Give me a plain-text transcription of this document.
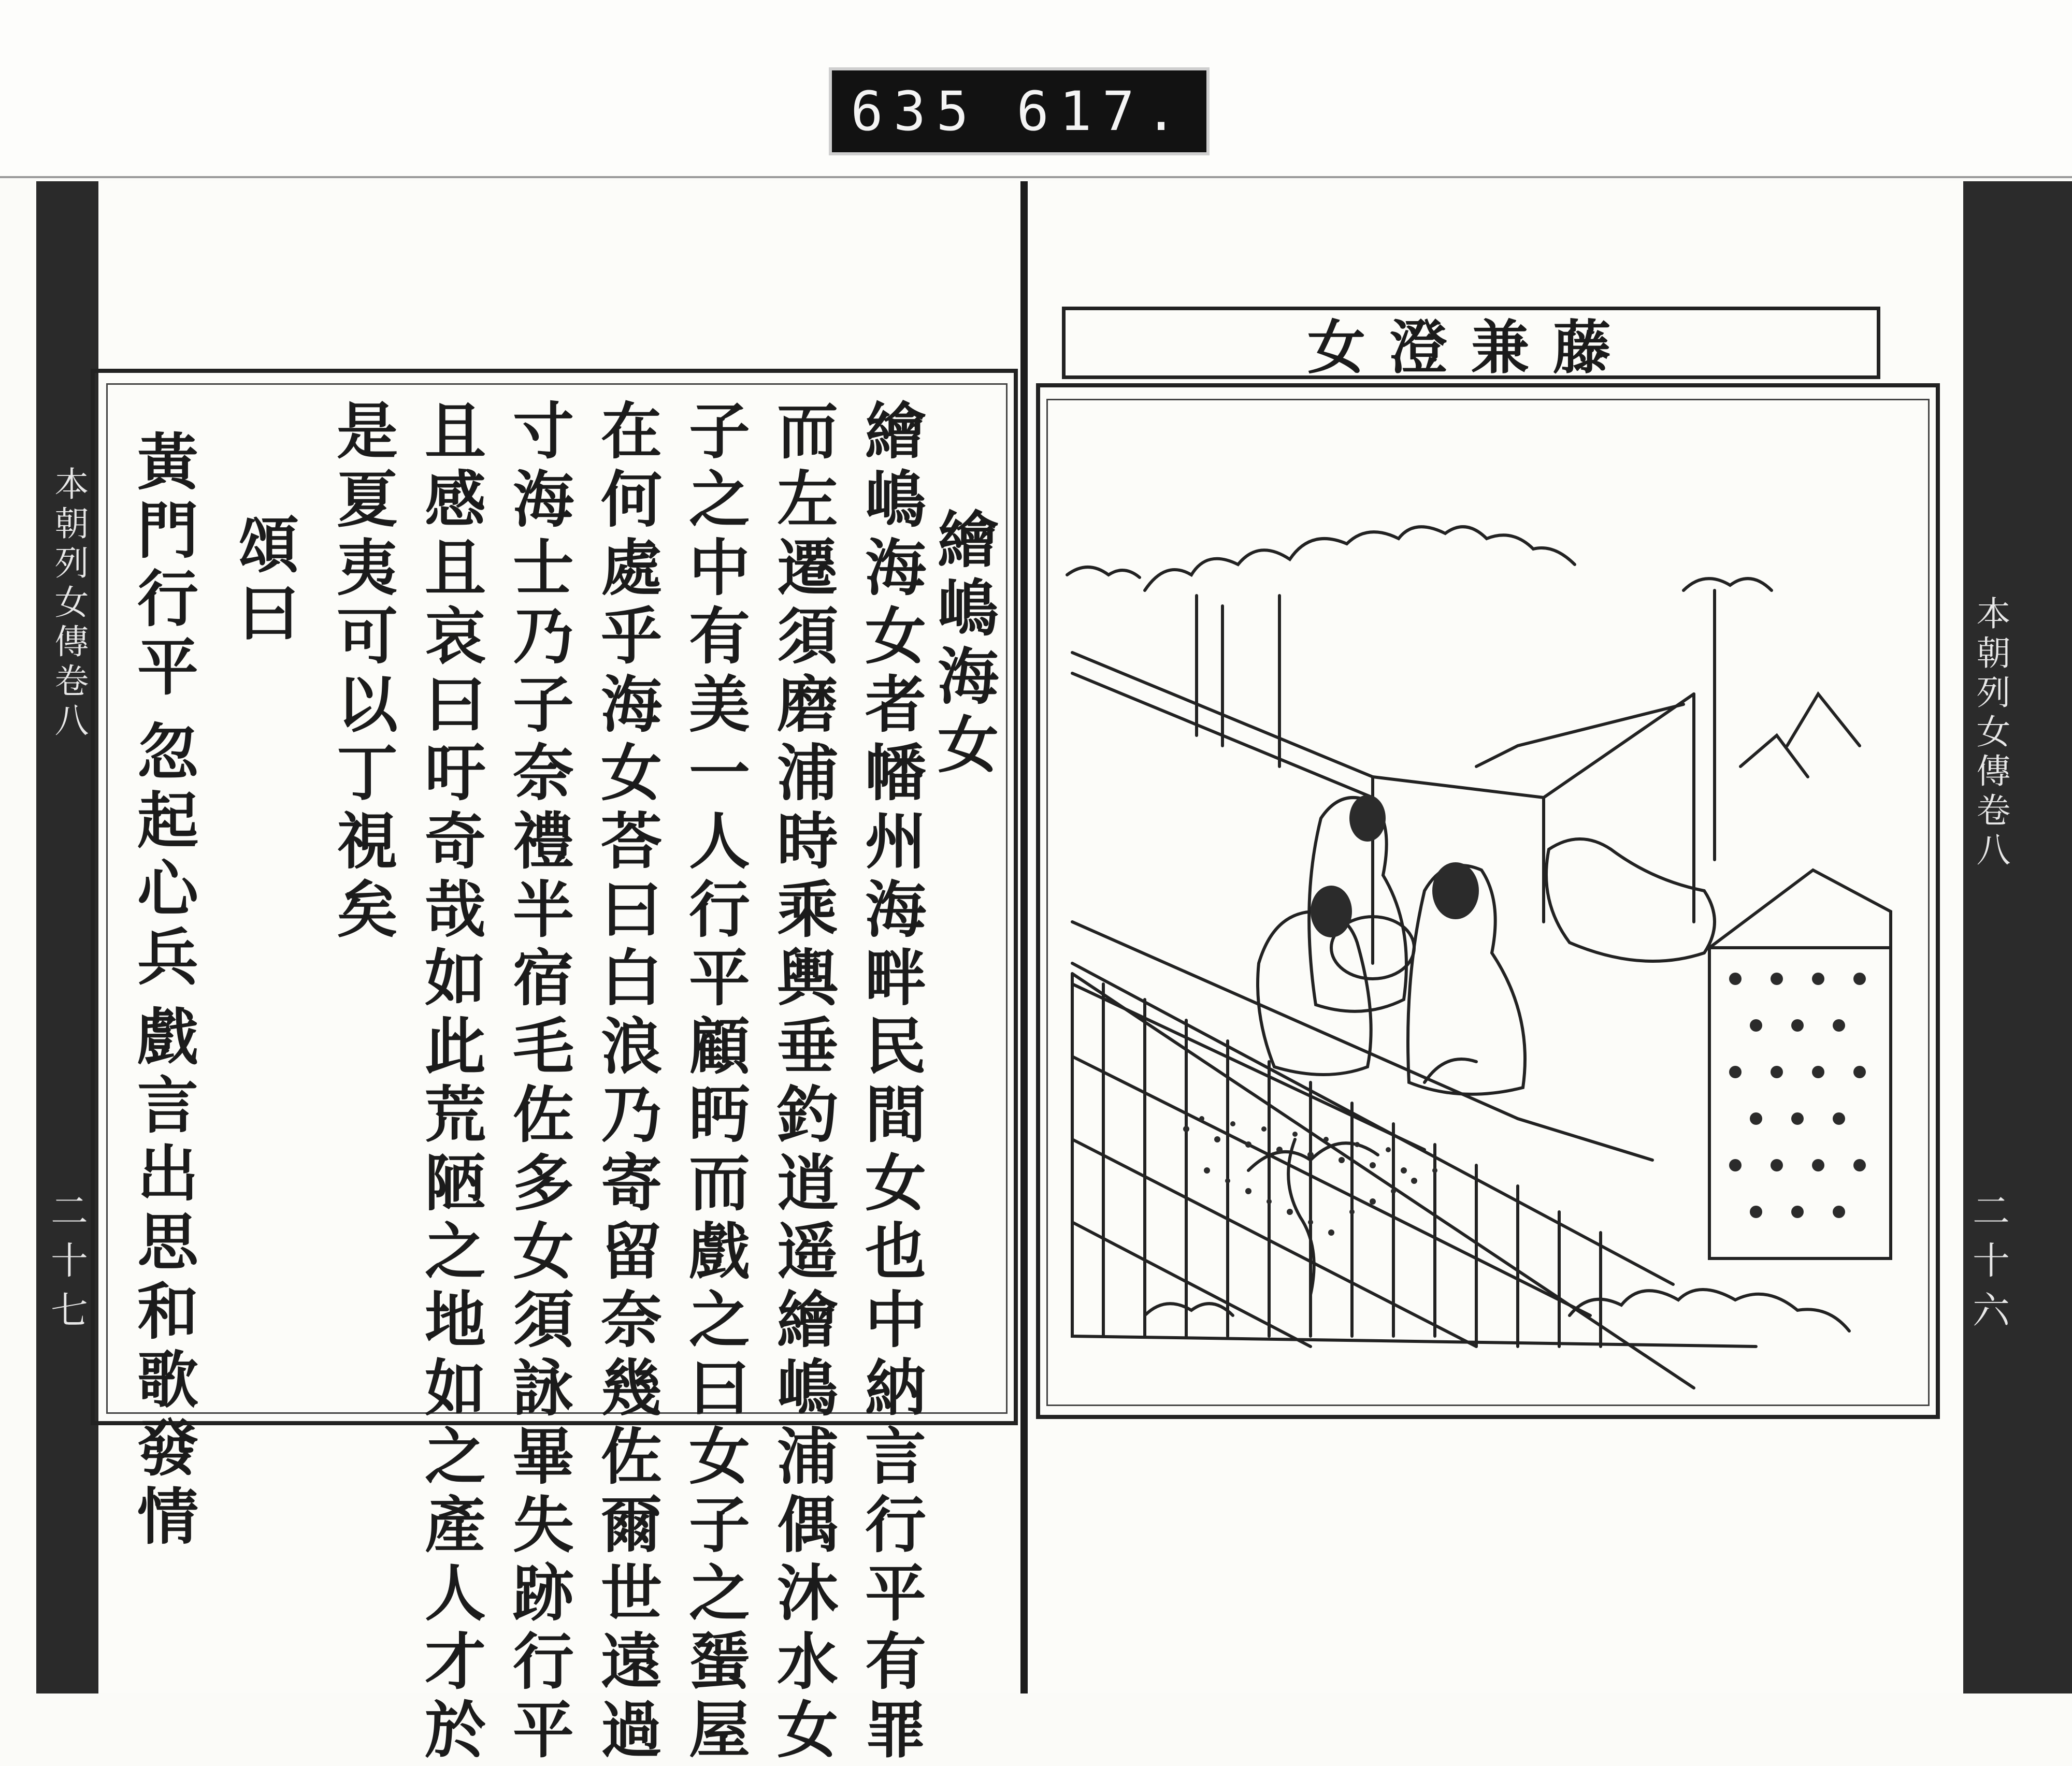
635 617.
本朝列女傳卷八
二十七
本朝列女傳卷八
二十六
繪嶋海女
繪嶋海女者幡州海畔民間女也中納言行平有罪
而左遷須磨浦時乘輿垂釣逍遥繪嶋浦偶沐水女
子之中有美一人行平顧眄而戲之曰女子之蜑屋
在何處乎海女荅曰白浪乃寄留奈幾佐爾世遠過
寸海士乃子奈禮半宿毛佐多女須詠畢失跡行平
且感且哀曰吁奇哉如此荒陋之地如之產人才於
是夏夷可以丁視矣
頌曰
黃門行平
忽起心兵
戲言出思
和歌發情
女澄兼藤
